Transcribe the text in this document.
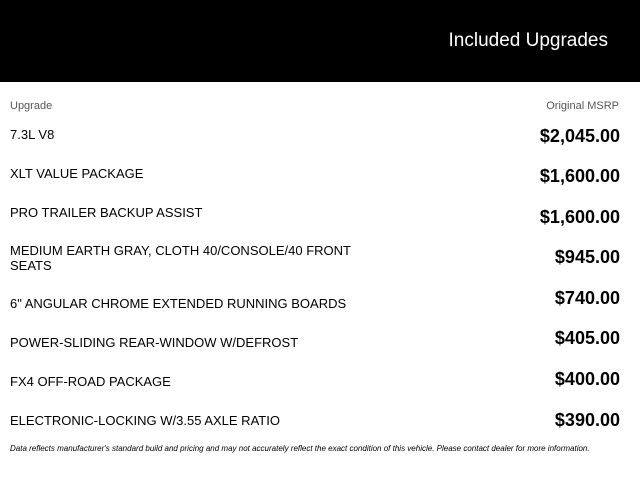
Included Upgrades
Upgrade	Original MSRP
7.3L V8	$2,045.00
XLT VALUE PACKAGE	$1,600.00
PRO TRAILER BACKUP ASSIST	$1,600.00
MEDIUM EARTH GRAY, CLOTH 40/CONSOLE/40 FRONT SEATS	$945.00
6" ANGULAR CHROME EXTENDED RUNNING BOARDS	$740.00
POWER-SLIDING REAR-WINDOW W/DEFROST	$405.00
FX4 OFF-ROAD PACKAGE	$400.00
ELECTRONIC-LOCKING W/3.55 AXLE RATIO	$390.00
Data reflects manufacturer's standard build and pricing and may not accurately reflect the exact condition of this vehicle. Please contact dealer for more information.
